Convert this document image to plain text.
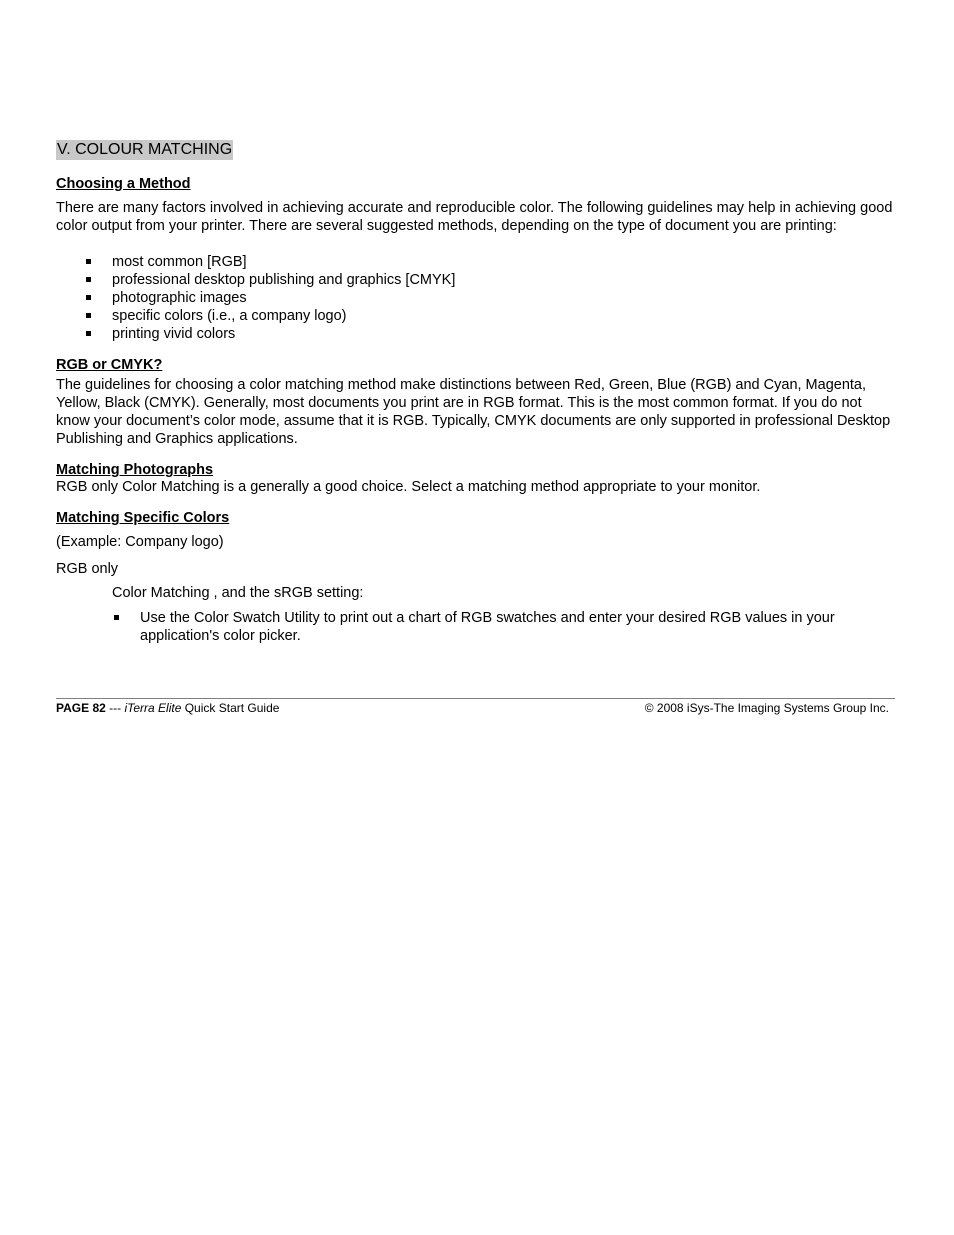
V. COLOUR MATCHING
Choosing a Method
There are many factors involved in achieving accurate and reproducible color. The following guidelines may help in achieving good color output from your printer. There are several suggested methods, depending on the type of document you are printing:
most common [RGB]
professional desktop publishing and graphics [CMYK]
photographic images
specific colors (i.e., a company logo)
printing vivid colors
RGB or CMYK?
The guidelines for choosing a color matching method make distinctions between Red, Green, Blue (RGB) and Cyan, Magenta, Yellow, Black (CMYK). Generally, most documents you print are in RGB format. This is the most common format. If you do not know your document’s color mode, assume that it is RGB. Typically, CMYK documents are only supported in professional Desktop Publishing and Graphics applications.
Matching Photographs
RGB only Color Matching is a generally a good choice. Select a matching method appropriate to your monitor.
Matching Specific Colors
(Example: Company logo)
RGB only
Color Matching , and the sRGB setting:
Use the Color Swatch Utility to print out a chart of RGB swatches and enter your desired RGB values in your application's color picker.
PAGE 82 --- iTerra Elite Quick Start Guide	© 2008 iSys-The Imaging Systems Group Inc.
